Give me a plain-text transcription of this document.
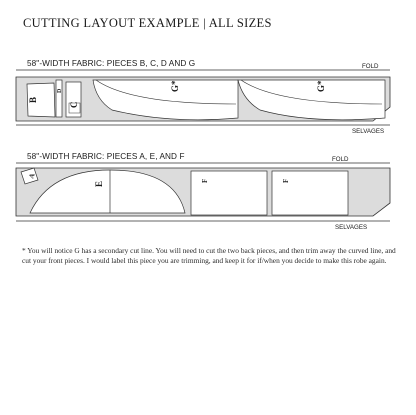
CUTTING LAYOUT EXAMPLE | ALL SIZES
58"-WIDTH FABRIC: PIECES B, C, D AND G	FOLD
SELVAGES
B
D
C
G*	G*
A
E
F	F
58"-WIDTH FABRIC: PIECES A, E, AND F	FOLD
SELVAGES
* You will notice G has a secondary cut line. You will need to cut the two back pieces, and then trim away the curved line, and cut your front pieces. I would label this piece you are trimming, and keep it for if/when you decide to make this robe again.
